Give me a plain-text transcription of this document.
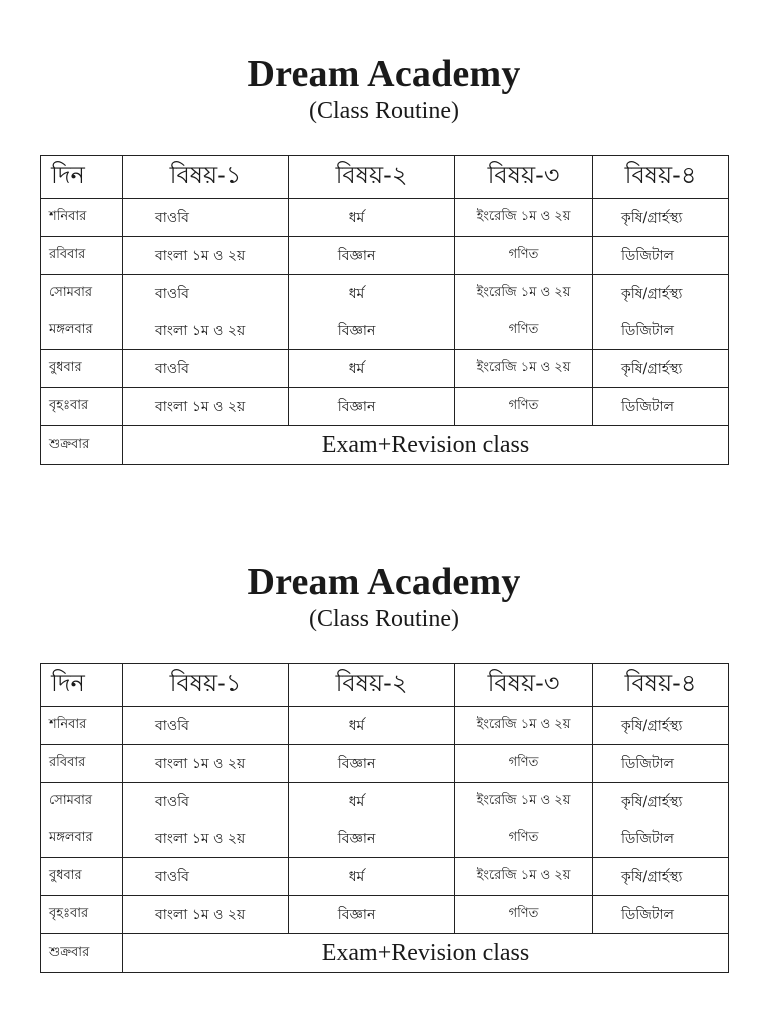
Dream Academy
(Class Routine)
দিন	বিষয়-১	বিষয়-২	বিষয়-৩	বিষয়-৪
শনিবার	বাওবি	ধর্ম	ইংরেজি ১ম ও ২য়	কৃষি/গ্রার্হস্থ্য
রবিবার	বাংলা ১ম ও ২য়	বিজ্ঞান	গণিত	ডিজিটাল
সোমবার	বাওবি	ধর্ম	ইংরেজি ১ম ও ২য়	কৃষি/গ্রার্হস্থ্য
মঙ্গলবার	বাংলা ১ম ও ২য়	বিজ্ঞান	গণিত	ডিজিটাল
বুধবার	বাওবি	ধর্ম	ইংরেজি ১ম ও ২য়	কৃষি/গ্রার্হস্থ্য
বৃহঃবার	বাংলা ১ম ও ২য়	বিজ্ঞান	গণিত	ডিজিটাল
শুক্রবার	Exam+Revision class			
Dream Academy
(Class Routine)
দিন	বিষয়-১	বিষয়-২	বিষয়-৩	বিষয়-৪
শনিবার	বাওবি	ধর্ম	ইংরেজি ১ম ও ২য়	কৃষি/গ্রার্হস্থ্য
রবিবার	বাংলা ১ম ও ২য়	বিজ্ঞান	গণিত	ডিজিটাল
সোমবার	বাওবি	ধর্ম	ইংরেজি ১ম ও ২য়	কৃষি/গ্রার্হস্থ্য
মঙ্গলবার	বাংলা ১ম ও ২য়	বিজ্ঞান	গণিত	ডিজিটাল
বুধবার	বাওবি	ধর্ম	ইংরেজি ১ম ও ২য়	কৃষি/গ্রার্হস্থ্য
বৃহঃবার	বাংলা ১ম ও ২য়	বিজ্ঞান	গণিত	ডিজিটাল
শুক্রবার	Exam+Revision class			
